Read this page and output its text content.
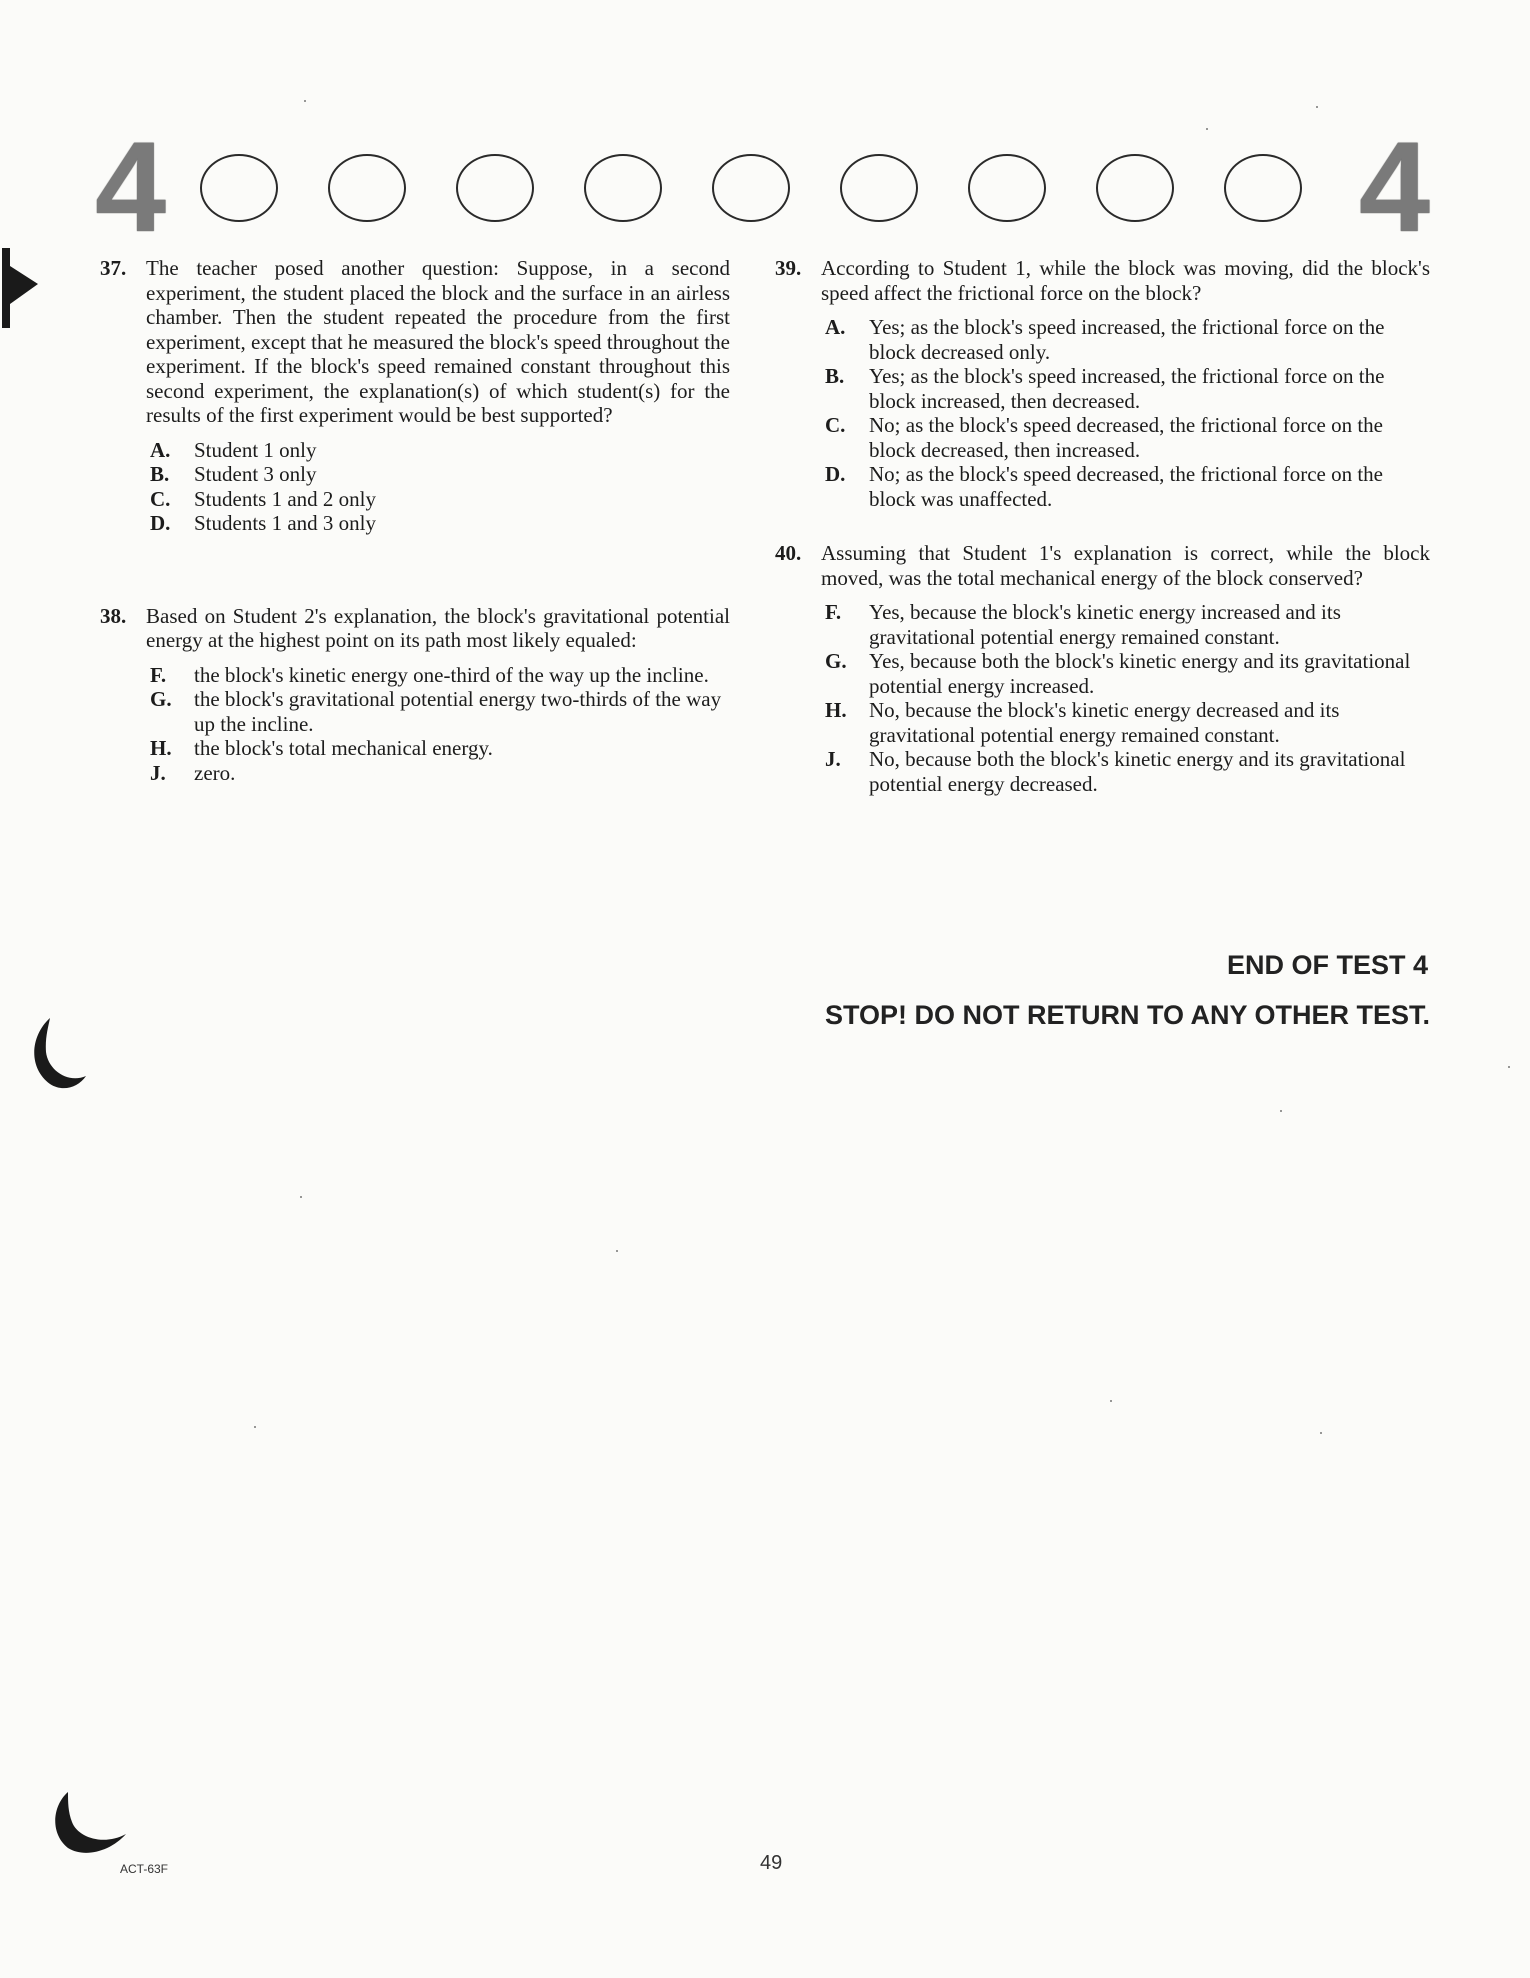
4	4
37. The teacher posed another question: Suppose, in a second experiment, the student placed the block and the surface in an airless chamber. Then the student repeated the procedure from the first experiment, except that he measured the block's speed throughout the experiment. If the block's speed remained constant throughout this second experiment, the explanation(s) of which student(s) for the results of the first experiment would be best supported?
A. Student 1 only
B. Student 3 only
C. Students 1 and 2 only
D. Students 1 and 3 only
38. Based on Student 2's explanation, the block's gravitational potential energy at the highest point on its path most likely equaled:
F. the block's kinetic energy one-third of the way up the incline.
G. the block's gravitational potential energy two-thirds of the way up the incline.
H. the block's total mechanical energy.
J. zero.
39. According to Student 1, while the block was moving, did the block's speed affect the frictional force on the block?
A. Yes; as the block's speed increased, the frictional force on the block decreased only.
B. Yes; as the block's speed increased, the frictional force on the block increased, then decreased.
C. No; as the block's speed decreased, the frictional force on the block decreased, then increased.
D. No; as the block's speed decreased, the frictional force on the block was unaffected.
40. Assuming that Student 1's explanation is correct, while the block moved, was the total mechanical energy of the block conserved?
F. Yes, because the block's kinetic energy increased and its gravitational potential energy remained constant.
G. Yes, because both the block's kinetic energy and its gravitational potential energy increased.
H. No, because the block's kinetic energy decreased and its gravitational potential energy remained constant.
J. No, because both the block's kinetic energy and its gravitational potential energy decreased.
END OF TEST 4
STOP! DO NOT RETURN TO ANY OTHER TEST.
ACT-63F	49
